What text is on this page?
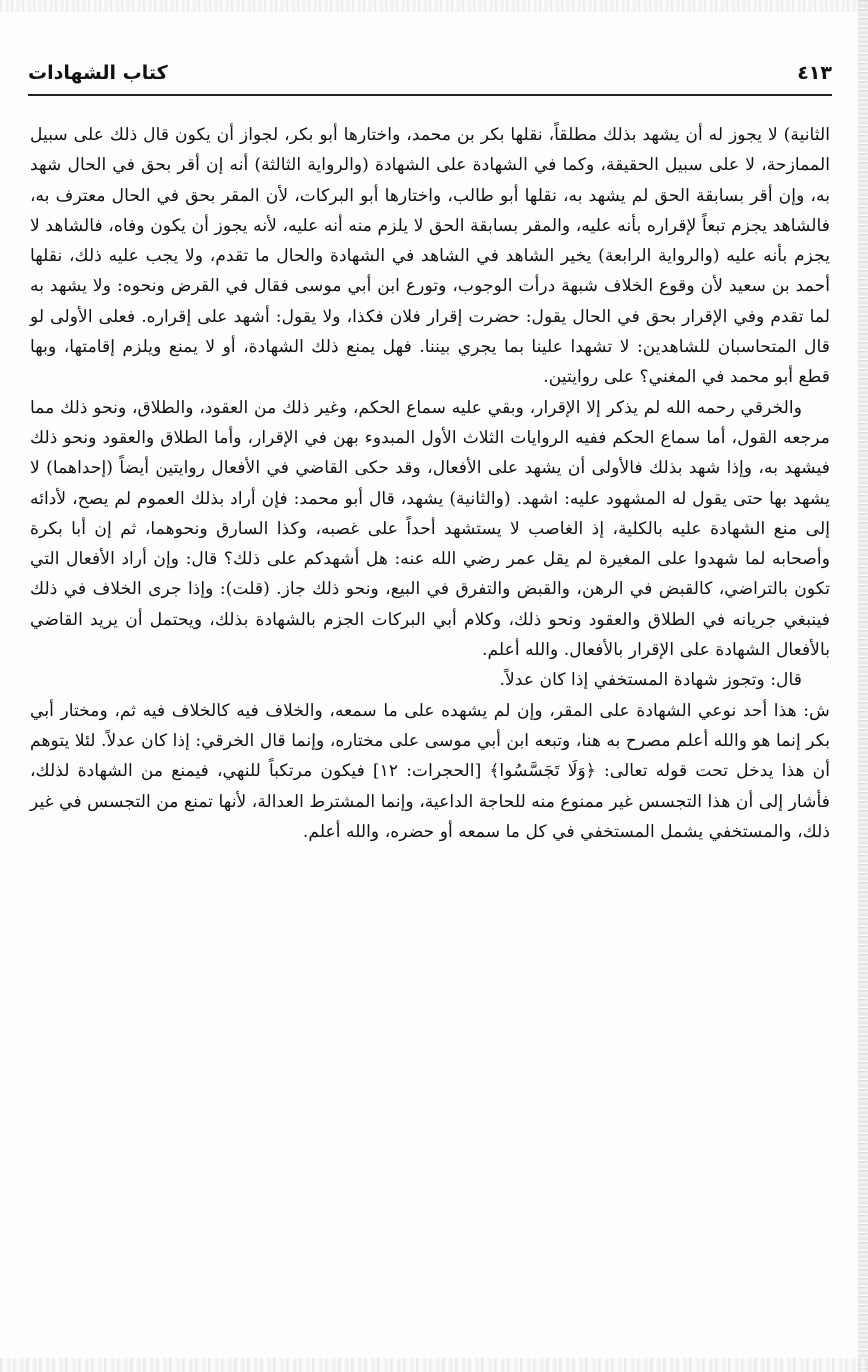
٤١٣
كتاب الشهادات

الثانية) لا يجوز له أن يشهد بذلك مطلقاً، نقلها بكر بن محمد، واختارها أبو بكر، لجواز أن يكون قال ذلك على سبيل الممازحة، لا على سبيل الحقيقة، وكما في الشهادة على الشهادة (والرواية الثالثة) أنه إن أقر بحق في الحال شهد به، وإن أقر بسابقة الحق لم يشهد به، نقلها أبو طالب، واختارها أبو البركات، لأن المقر بحق في الحال معترف به، فالشاهد يجزم تبعاً لإقراره بأنه عليه، والمقر بسابقة الحق لا يلزم منه أنه عليه، لأنه يجوز أن يكون وفاه، فالشاهد لا يجزم بأنه عليه (والرواية الرابعة) يخير الشاهد في الشاهد في الشهادة والحال ما تقدم، ولا يجب عليه ذلك، نقلها أحمد بن سعيد لأن وقوع الخلاف شبهة درأت الوجوب، وتورع ابن أبي موسى فقال في القرض ونحوه: ولا يشهد به لما تقدم وفي الإقرار بحق في الحال يقول: حضرت إقرار فلان فكذا، ولا يقول: أشهد على إقراره. فعلى الأولى لو قال المتحاسبان للشاهدين: لا تشهدا علينا بما يجري بيننا. فهل يمنع ذلك الشهادة، أو لا يمنع ويلزم إقامتها، وبها قطع أبو محمد في المغني؟ على روايتين.

والخرقي رحمه الله لم يذكر إلا الإقرار، وبقي عليه سماع الحكم، وغير ذلك من العقود، والطلاق، ونحو ذلك مما مرجعه القول، أما سماع الحكم ففيه الروايات الثلاث الأول المبدوء بهن في الإقرار، وأما الطلاق والعقود ونحو ذلك فيشهد به، وإذا شهد بذلك فالأولى أن يشهد على الأفعال، وقد حكى القاضي في الأفعال روايتين أيضاً (إحداهما) لا يشهد بها حتى يقول له المشهود عليه: اشهد. (والثانية) يشهد، قال أبو محمد: فإن أراد بذلك العموم لم يصح، لأدائه إلى منع الشهادة عليه بالكلية، إذ الغاصب لا يستشهد أحداً على غصبه، وكذا السارق ونحوهما، ثم إن أبا بكرة وأصحابه لما شهدوا على المغيرة لم يقل عمر رضي الله عنه: هل أشهدكم على ذلك؟ قال: وإن أراد الأفعال التي تكون بالتراضي، كالقبض في الرهن، والقبض والتفرق في البيع، ونحو ذلك جاز. (قلت): وإذا جرى الخلاف في ذلك فينبغي جريانه في الطلاق والعقود ونحو ذلك، وكلام أبي البركات الجزم بالشهادة بذلك، ويحتمل أن يريد القاضي بالأفعال الشهادة على الإقرار بالأفعال. والله أعلم.

قال: وتجوز شهادة المستخفي إذا كان عدلاً.

ش: هذا أحد نوعي الشهادة على المقر، وإن لم يشهده على ما سمعه، والخلاف فيه كالخلاف فيه ثم، ومختار أبي بكر إنما هو والله أعلم مصرح به هنا، وتبعه ابن أبي موسى على مختاره، وإنما قال الخرقي: إذا كان عدلاً. لئلا يتوهم أن هذا يدخل تحت قوله تعالى: ﴿وَلَا تَجَسَّسُوا﴾ [الحجرات: ١٢] فيكون مرتكباً للنهي، فيمنع من الشهادة لذلك، فأشار إلى أن هذا التجسس غير ممنوع منه للحاجة الداعية، وإنما المشترط العدالة، لأنها تمنع من التجسس في غير ذلك، والمستخفي يشمل المستخفي في كل ما سمعه أو حضره، والله أعلم.
